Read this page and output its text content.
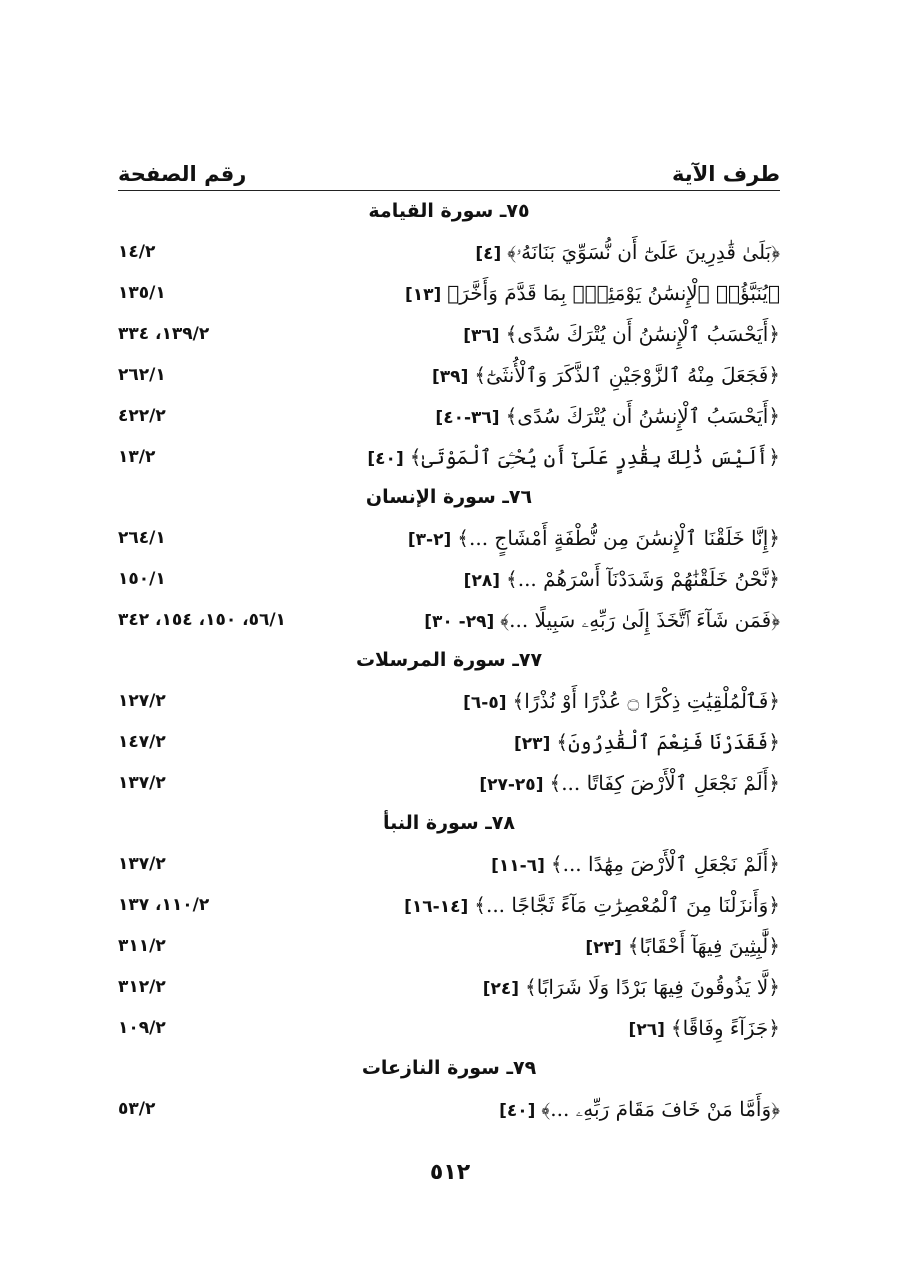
طرف الآية
رقم الصفحة
٧٥ـ سورة القيامة
﴿بَلَىٰ قَٰدِرِينَ عَلَىٰٓ أَن نُّسَوِّيَ بَنَانَهُۥ﴾[٤]
١٤/٢
﴿يُنَبَّؤُا۟ ٱلْإِنسَٰنُ يَوْمَئِذٍۭ بِمَا قَدَّمَ وَأَخَّرَ﴾[١٣]
١٣٥/١
﴿أَيَحْسَبُ ٱلْإِنسَٰنُ أَن يُتْرَكَ سُدًى﴾[٣٦]
١٣٩/٢، ٣٣٤
﴿فَجَعَلَ مِنْهُ ٱلزَّوْجَيْنِ ٱلذَّكَرَ وَٱلْأُنثَىٰٓ﴾[٣٩]
٢٦٢/١
﴿أَيَحْسَبُ ٱلْإِنسَٰنُ أَن يُتْرَكَ سُدًى﴾[٣٦-٤٠]
٤٢٢/٢
﴿أَلَيْسَ ذَٰلِكَ بِقَٰدِرٍ عَلَىٰٓ أَن يُحْـِۧىَ ٱلْمَوْتَىٰ﴾[٤٠]
١٣/٢
٧٦ـ سورة الإنسان
﴿إِنَّا خَلَقْنَا ٱلْإِنسَٰنَ مِن نُّطْفَةٍ أَمْشَاجٍ ...﴾[٢-٣]
٢٦٤/١
﴿نَّحْنُ خَلَقْنَٰهُمْ وَشَدَدْنَآ أَسْرَهُمْ ...﴾[٢٨]
١٥٠/١
﴿فَمَن شَآءَ ٱتَّخَذَ إِلَىٰ رَبِّهِۦ سَبِيلًا ...﴾[٢٩- ٣٠]
٥٦/١، ١٥٠، ١٥٤، ٣٤٢
٧٧ـ سورة المرسلات
﴿فَٱلْمُلْقِيَٰتِ ذِكْرًا ۝ عُذْرًا أَوْ نُذْرًا﴾[٥-٦]
١٢٧/٢
﴿فَقَدَرْنَا فَنِعْمَ ٱلْقَٰدِرُونَ﴾[٢٣]
١٤٧/٢
﴿أَلَمْ نَجْعَلِ ٱلْأَرْضَ كِفَاتًا ...﴾[٢٥-٢٧]
١٣٧/٢
٧٨ـ سورة النبأ
﴿أَلَمْ نَجْعَلِ ٱلْأَرْضَ مِهَٰدًا ...﴾[٦-١١]
١٣٧/٢
﴿وَأَنزَلْنَا مِنَ ٱلْمُعْصِرَٰتِ مَآءً ثَجَّاجًا ...﴾[١٤-١٦]
١١٠/٢، ١٣٧
﴿لَّٰبِثِينَ فِيهَآ أَحْقَابًا﴾[٢٣]
٣١١/٢
﴿لَّا يَذُوقُونَ فِيهَا بَرْدًا وَلَا شَرَابًا﴾[٢٤]
٣١٢/٢
﴿جَزَآءً وِفَاقًا﴾[٢٦]
١٠٩/٢
٧٩ـ سورة النازعات
﴿وَأَمَّا مَنْ خَافَ مَقَامَ رَبِّهِۦ ...﴾[٤٠]
٥٣/٢
٥١٢
